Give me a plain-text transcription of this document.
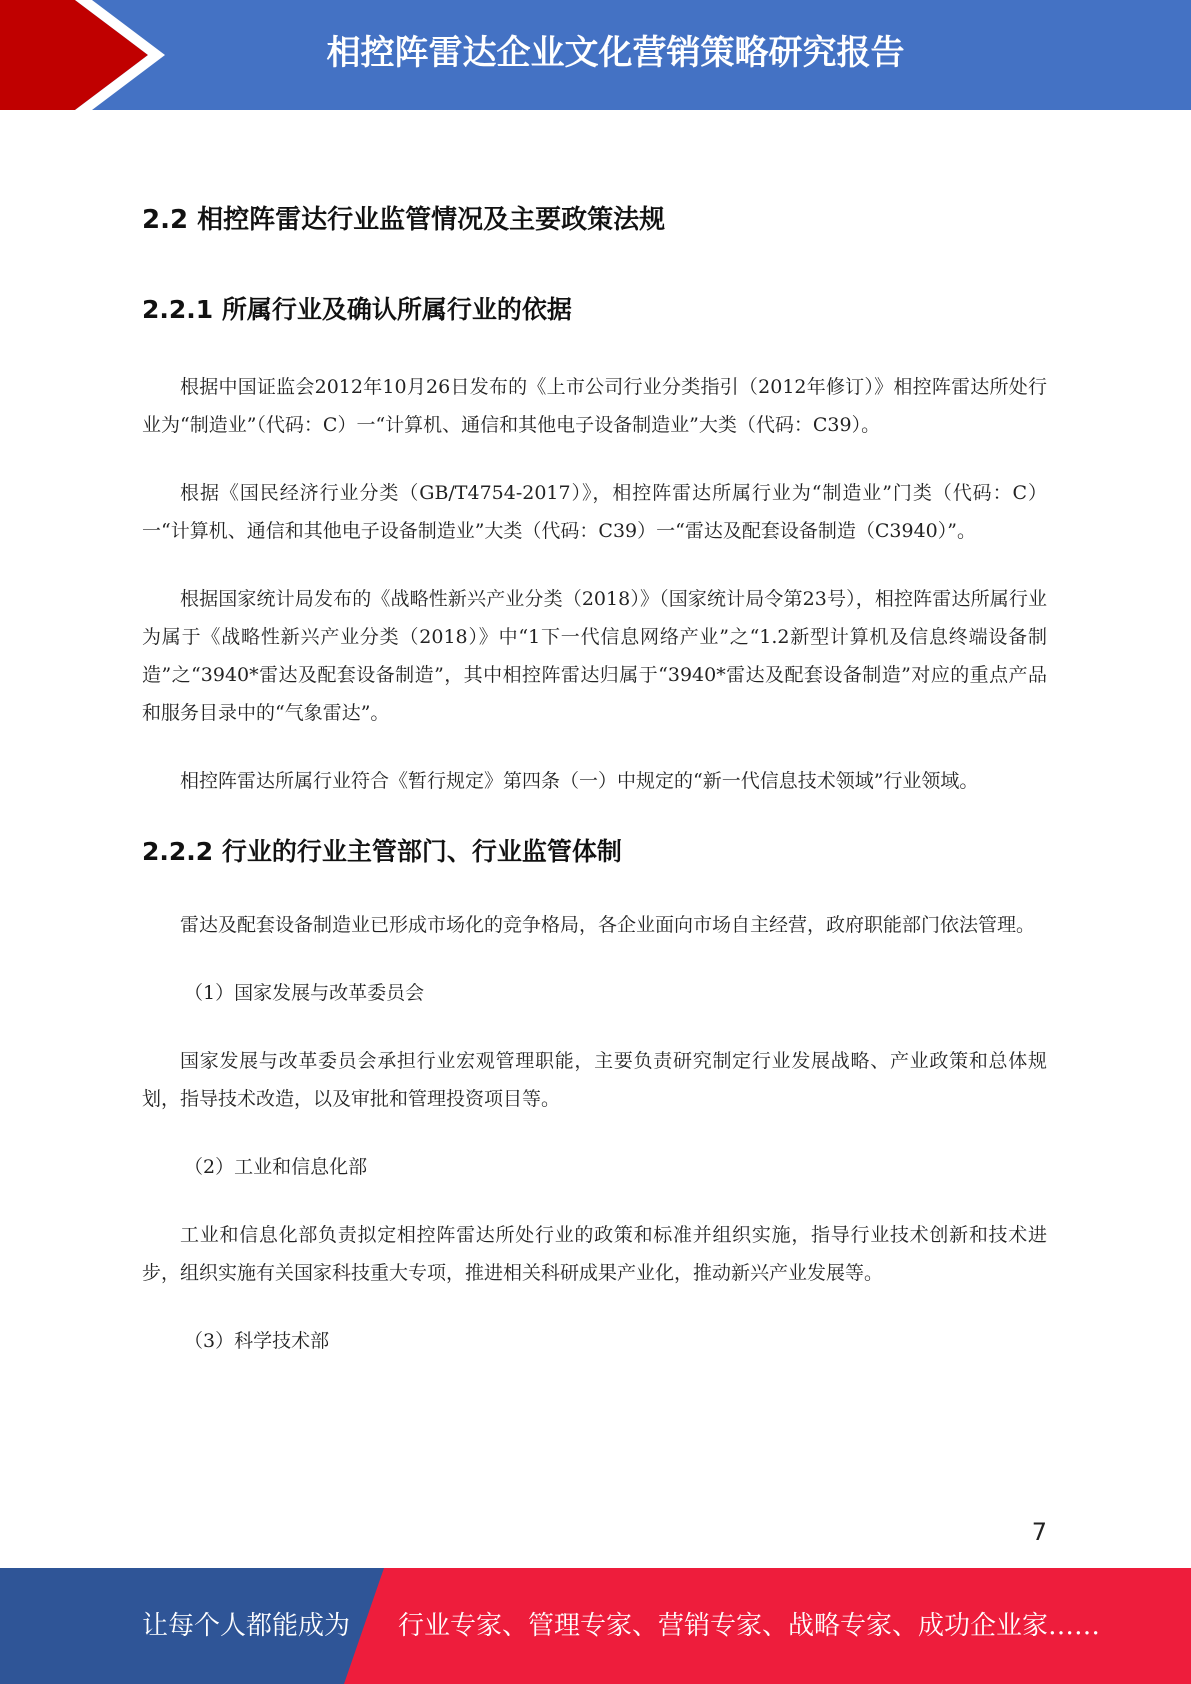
相控阵雷达企业文化营销策略研究报告
2.2 相控阵雷达行业监管情况及主要政策法规
2.2.1 所属行业及确认所属行业的依据

根据中国证监会2012年10月26日发布的《上市公司行业分类指引（2012年修订）》相控阵雷达所处行业为“制造业”（代码：C）一“计算机、通信和其他电子设备制造业”大类（代码：C39）。

根据《国民经济行业分类（GB/T4754-2017）》，相控阵雷达所属行业为“制造业”门类（代码：C）一“计算机、通信和其他电子设备制造业”大类（代码：C39）一“雷达及配套设备制造（C3940）”。

根据国家统计局发布的《战略性新兴产业分类（2018）》（国家统计局令第23号），相控阵雷达所属行业为属于《战略性新兴产业分类（2018）》中“1下一代信息网络产业”之“1.2新型计算机及信息终端设备制造”之“3940*雷达及配套设备制造”，其中相控阵雷达归属于“3940*雷达及配套设备制造”对应的重点产品和服务目录中的“气象雷达”。

相控阵雷达所属行业符合《暂行规定》第四条（一）中规定的“新一代信息技术领域”行业领域。

2.2.2 行业的行业主管部门、行业监管体制

雷达及配套设备制造业已形成市场化的竞争格局，各企业面向市场自主经营，政府职能部门依法管理。

（1）国家发展与改革委员会

国家发展与改革委员会承担行业宏观管理职能，主要负责研究制定行业发展战略、产业政策和总体规划，指导技术改造，以及审批和管理投资项目等。

（2）工业和信息化部

工业和信息化部负责拟定相控阵雷达所处行业的政策和标准并组织实施，指导行业技术创新和技术进步，组织实施有关国家科技重大专项，推进相关科研成果产业化，推动新兴产业发展等。

（3）科学技术部

7
让每个人都能成为 行业专家、管理专家、营销专家、战略专家、成功企业家……
